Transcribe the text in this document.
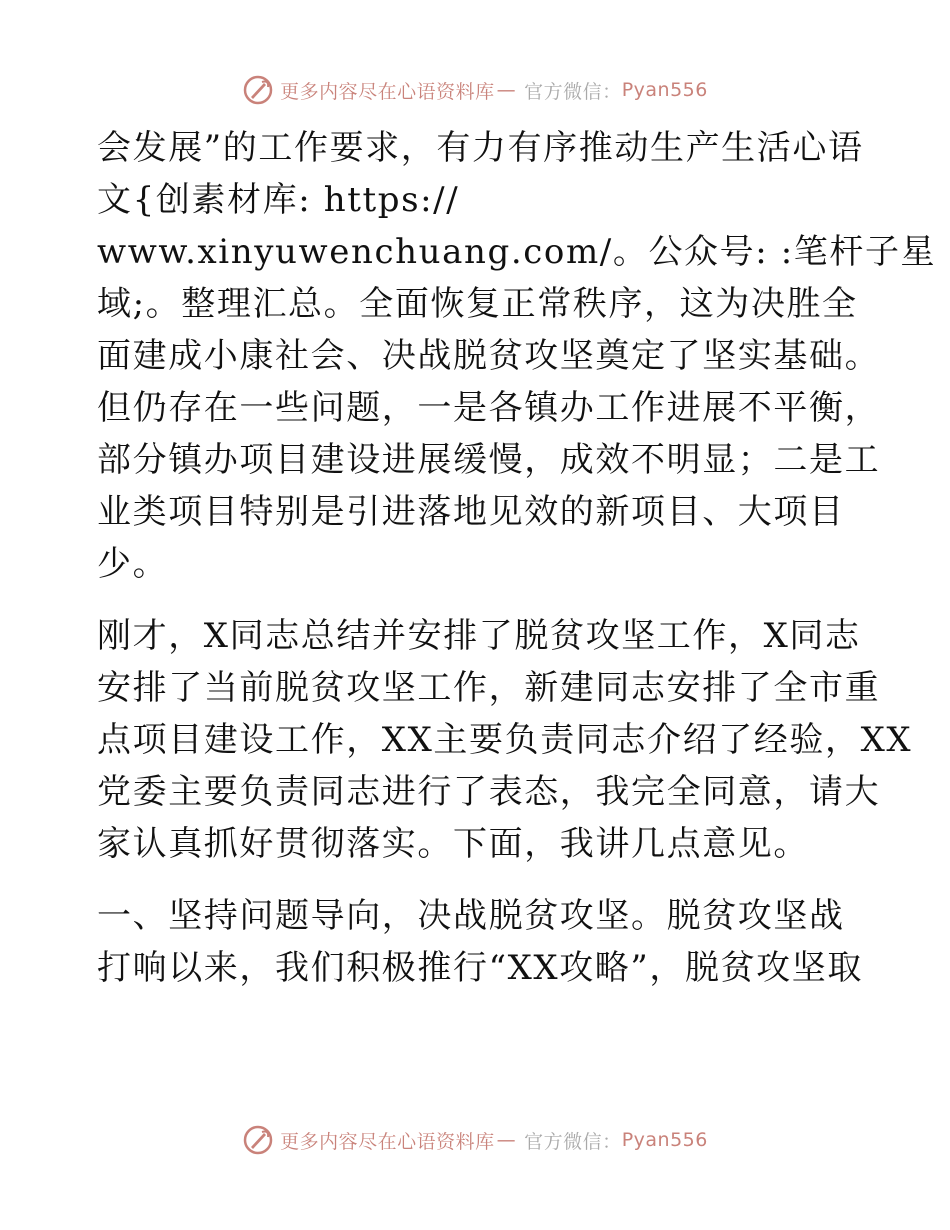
更多内容尽在心语资料库 — 官方微信： Pyan556
会发展”的工作要求，有力有序推动生产生活心语
文{创素材库: https://
www.xinyuwenchuang.com/。公众号: :笔杆子星
域;。整理汇总。全面恢复正常秩序，这为决胜全
面建成小康社会、决战脱贫攻坚奠定了坚实基础。
但仍存在一些问题，一是各镇办工作进展不平衡，
部分镇办项目建设进展缓慢，成效不明显；二是工
业类项目特别是引进落地见效的新项目、大项目
少。
刚才，X同志总结并安排了脱贫攻坚工作，X同志
安排了当前脱贫攻坚工作，新建同志安排了全市重
点项目建设工作，XX主要负责同志介绍了经验，XX
党委主要负责同志进行了表态，我完全同意，请大
家认真抓好贯彻落实。下面，我讲几点意见。
一、坚持问题导向，决战脱贫攻坚。脱贫攻坚战
打响以来，我们积极推行“XX攻略”，脱贫攻坚取
更多内容尽在心语资料库 — 官方微信： Pyan556
